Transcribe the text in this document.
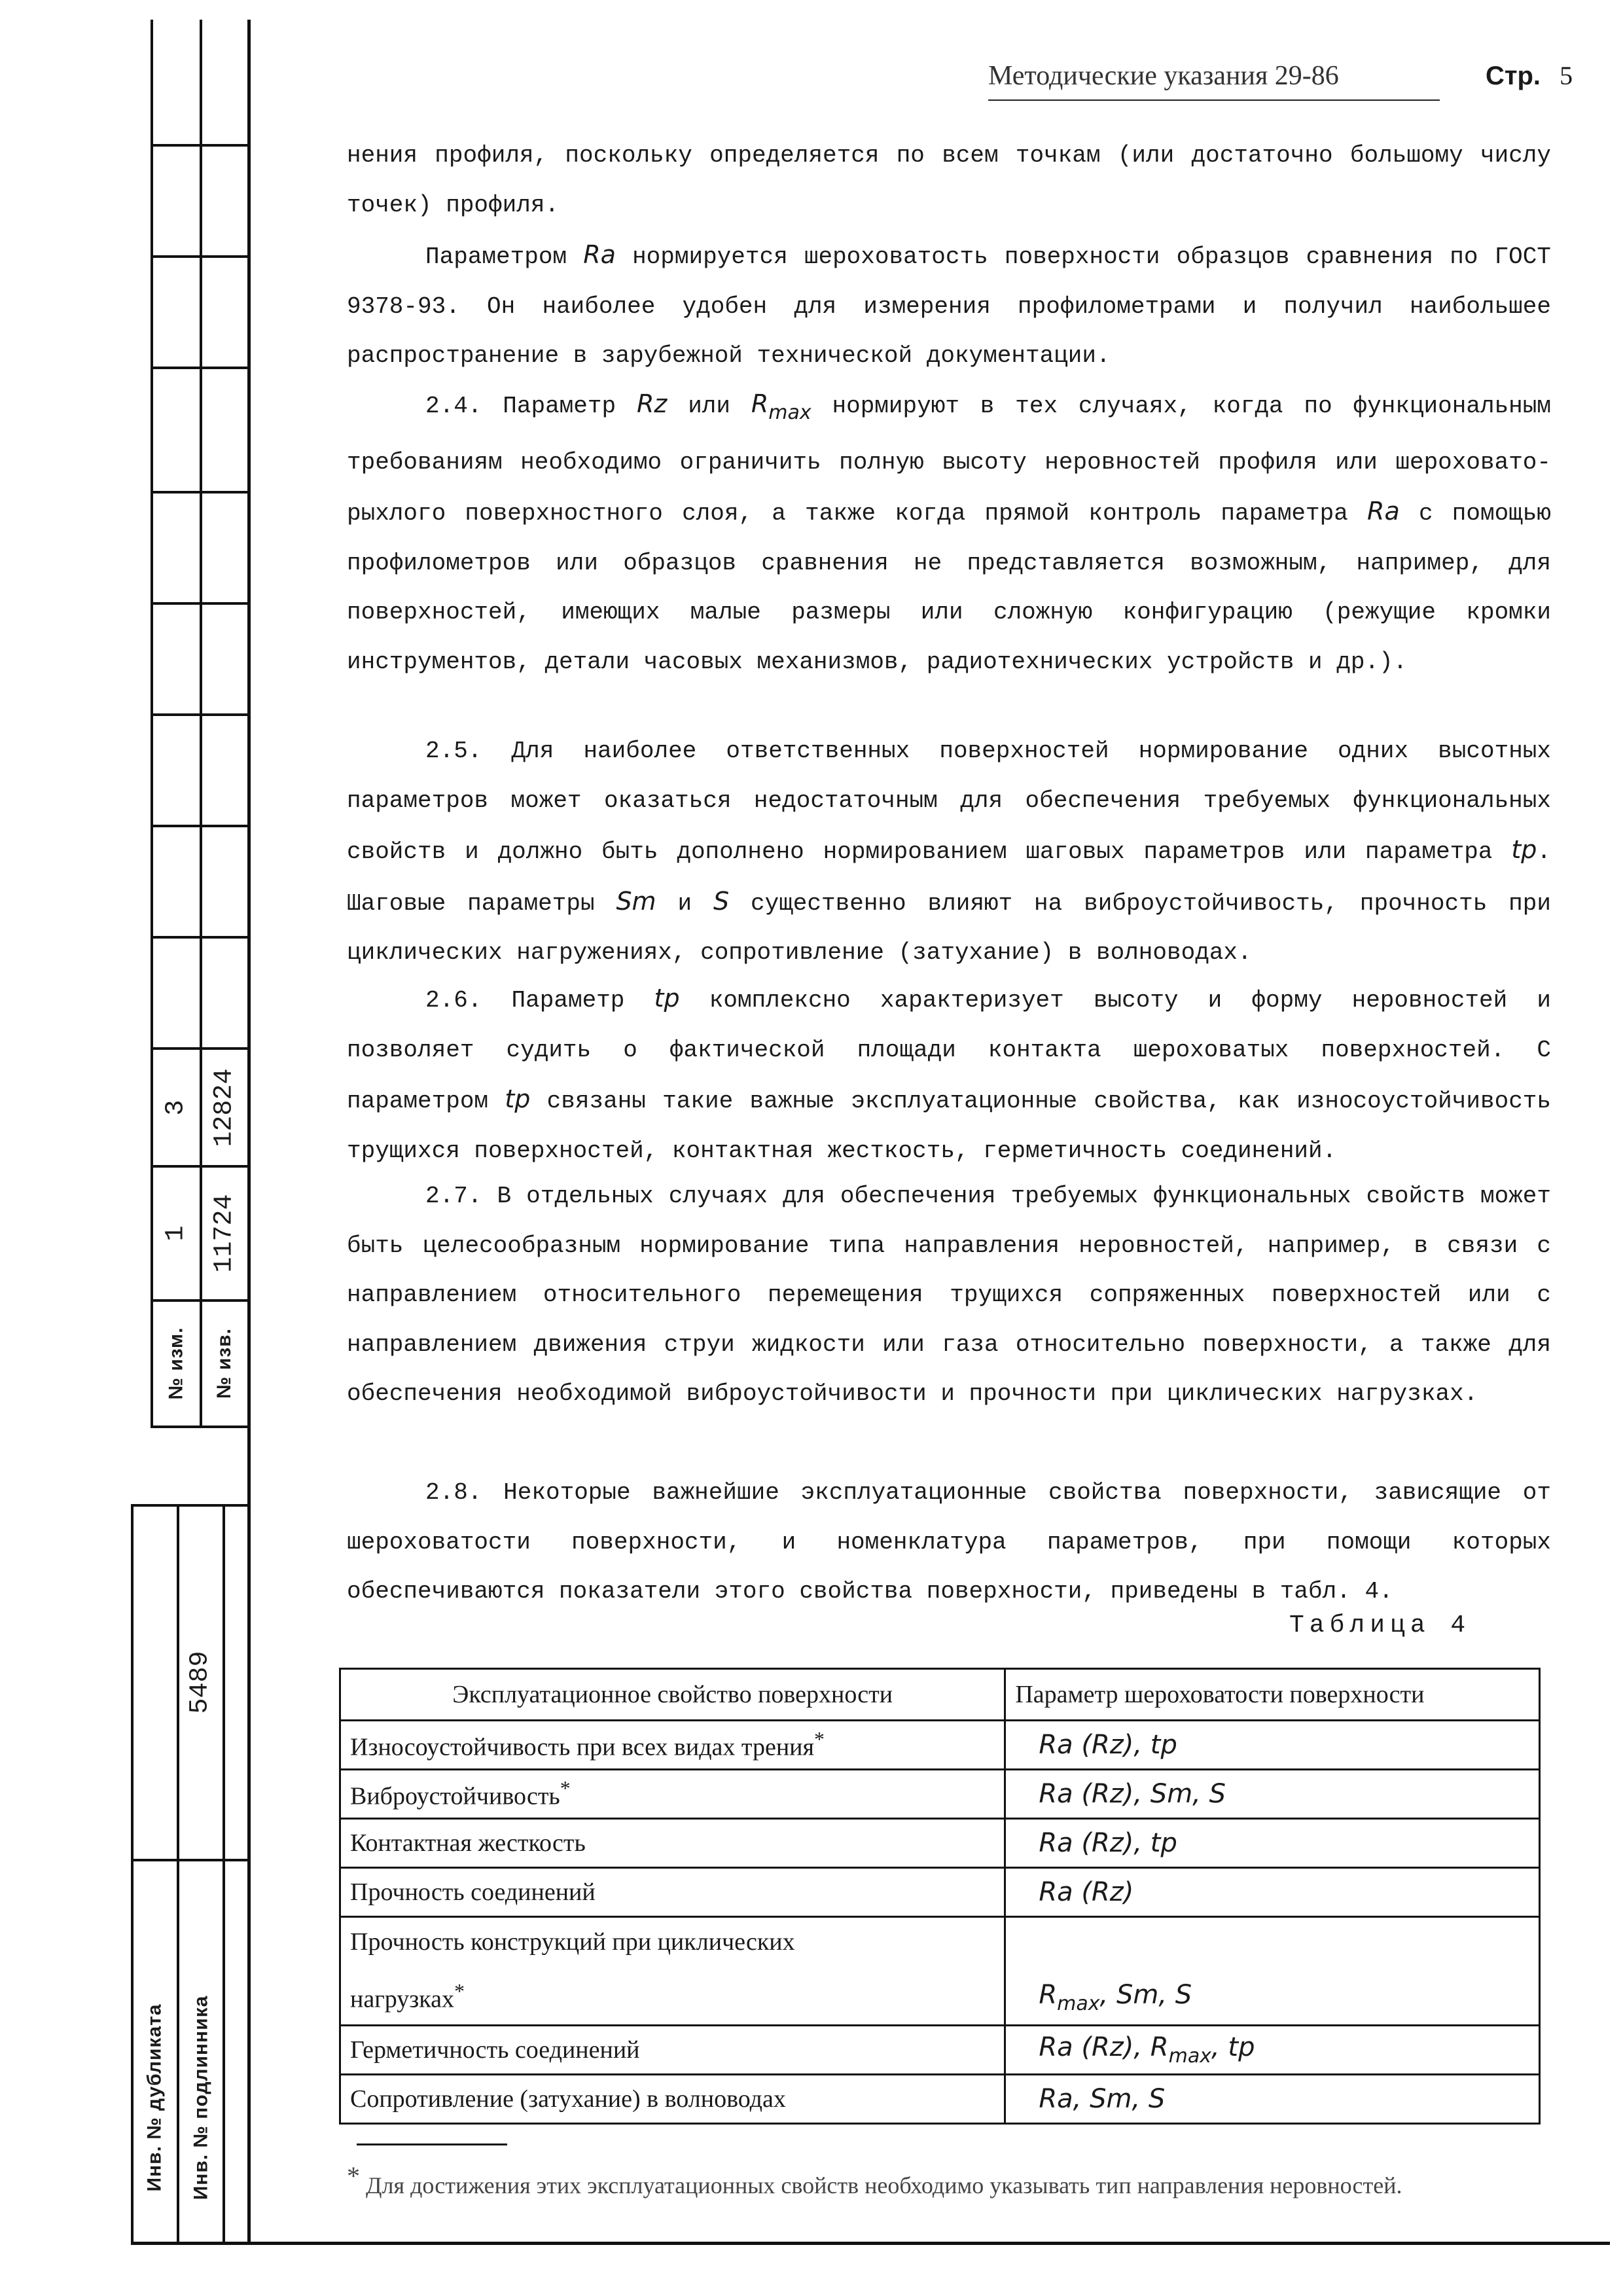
№ изм. № изв.
1
3
11724
12824
5489
Инв. № дубликата Инв. № подлинника
Методические указания 29-86	Стр. 5
нения профиля, поскольку определяется по всем точкам (или достаточно большому числу точек) профиля.
Параметром Ra нормируется шероховатость поверхности образцов сравнения по ГОСТ 9378-93. Он наиболее удобен для измерения профилометрами и получил наибольшее распространение в зарубежной технической документации.
2.4. Параметр Rz или $R_{max}$ нормируют в тех случаях, когда по функциональным требованиям необходимо ограничить полную высоту неровностей профиля или шероховато-рыхлого поверхностного слоя, а также когда прямой контроль параметра Ra с помощью профилометров или образцов сравнения не представляется возможным, например, для поверхностей, имеющих малые размеры или сложную конфигурацию (режущие кромки инструментов, детали часовых механизмов, радиотехнических устройств и др.).
2.5. Для наиболее ответственных поверхностей нормирование одних высотных параметров может оказаться недостаточным для обеспечения требуемых функциональных свойств и должно быть дополнено нормированием шаговых параметров или параметра tp. Шаговые параметры Sm и S существенно влияют на виброустойчивость, прочность при циклических нагружениях, сопротивление (затухание) в волноводах.
2.6. Параметр tp комплексно характеризует высоту и форму неровностей и позволяет судить о фактической площади контакта шероховатых поверхностей. С параметром tp связаны такие важные эксплуатационные свойства, как износоустойчивость трущихся поверхностей, контактная жесткость, герметичность соединений.
2.7. В отдельных случаях для обеспечения требуемых функциональных свойств может быть целесообразным нормирование типа направления неровностей, например, в связи с направлением относительного перемещения трущихся сопряженных поверхностей или с направлением движения струи жидкости или газа относительно поверхности, а также для обеспечения необходимой виброустойчивости и прочности при циклических нагрузках.
2.8. Некоторые важнейшие эксплуатационные свойства поверхности, зависящие от шероховатости поверхности, и номенклатура параметров, при помощи которых обеспечиваются показатели этого свойства поверхности, приведены в табл. 4.
Таблица 4
Эксплуатационное свойство поверхности	Параметр шероховатости поверхности
Износоустойчивость при всех видах трения*	Ra (Rz), tp
Виброустойчивость*	Ra (Rz), Sm, S
Контактная жесткость	Ra (Rz), tp
Прочность соединений	Ra (Rz)
Прочность конструкций при циклических
нагрузках*	$R_{max}$, Sm, S
Герметичность соединений	Ra (Rz), $R_{max}$, tp
Сопротивление (затухание) в волноводах	Ra, Sm, S
* Для достижения этих эксплуатационных свойств необходимо указывать тип направления неровностей.
